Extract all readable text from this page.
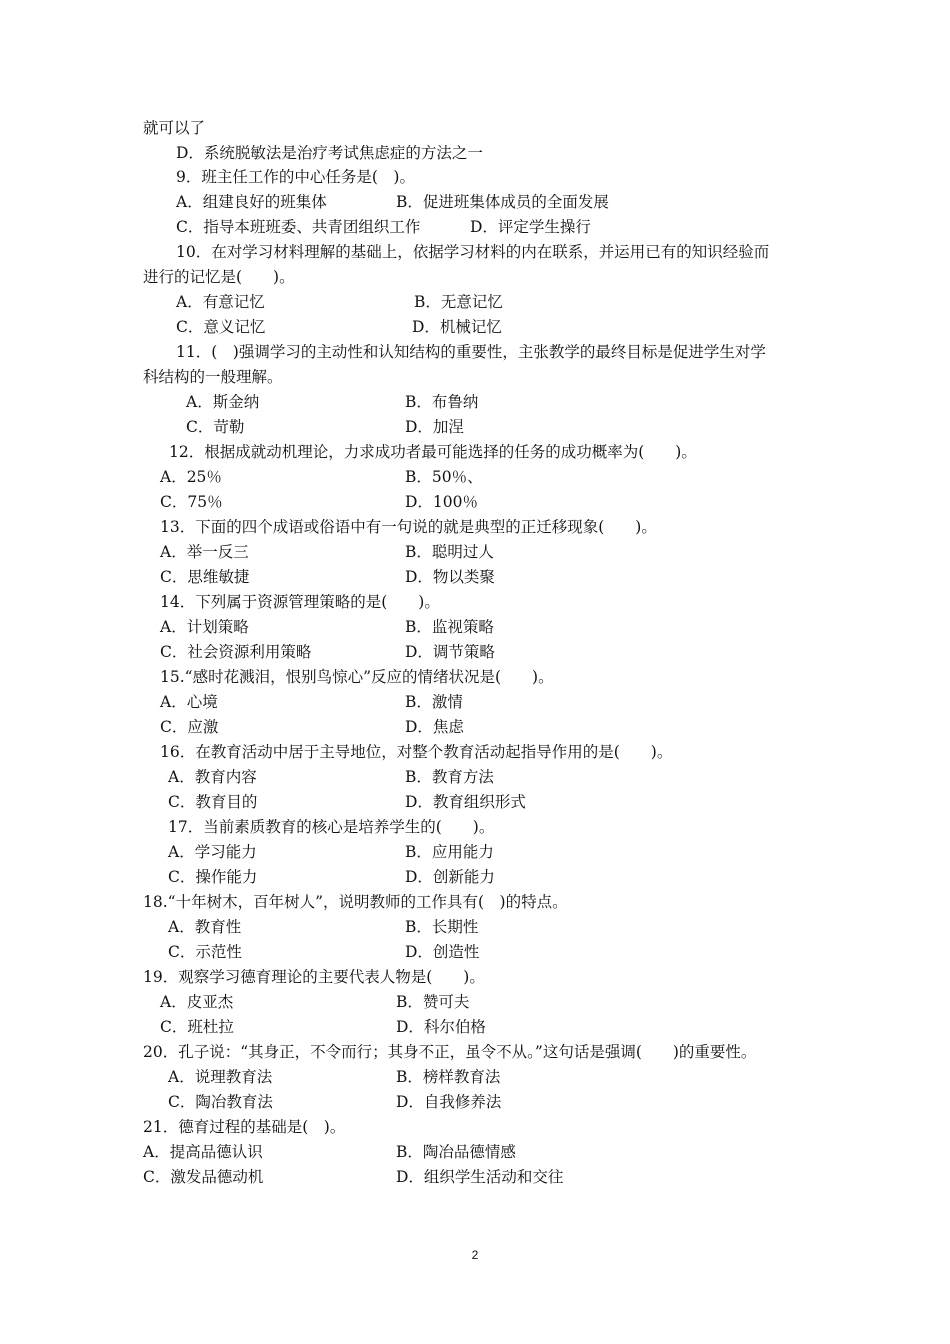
就可以了
D．系统脱敏法是治疗考试焦虑症的方法之一
9．班主任工作的中心任务是(　)。
A．组建良好的班集体	B．促进班集体成员的全面发展
C．指导本班班委、共青团组织工作	D．评定学生操行
10．在对学习材料理解的基础上，依据学习材料的内在联系，并运用已有的知识经验而
进行的记忆是(　　)。
A．有意记忆	B．无意记忆
C．意义记忆	D．机械记忆
11．(　)强调学习的主动性和认知结构的重要性，主张教学的最终目标是促进学生对学
科结构的一般理解。
A．斯金纳	B．布鲁纳
C．苛勒	D．加涅
12．根据成就动机理论，力求成功者最可能选择的任务的成功概率为(　　)。
A．25％	B．50％、
C．75％	D．100％
13．下面的四个成语或俗语中有一句说的就是典型的正迁移现象(　　)。
A．举一反三	B．聪明过人
C．思维敏捷	D．物以类聚
14．下列属于资源管理策略的是(　　)。
A．计划策略	B．监视策略
C．社会资源利用策略	D．调节策略
15.“感时花溅泪，恨别鸟惊心”反应的情绪状况是(　　)。
A．心境	B．激情
C．应激	D．焦虑
16．在教育活动中居于主导地位，对整个教育活动起指导作用的是(　　)。
A．教育内容	B．教育方法
C．教育目的	D．教育组织形式
17．当前素质教育的核心是培养学生的(　　)。
A．学习能力	B．应用能力
C．操作能力	D．创新能力
18.“十年树木，百年树人”，说明教师的工作具有(　)的特点。
A．教育性	B．长期性
C．示范性	D．创造性
19．观察学习德育理论的主要代表人物是(　　)。
A．皮亚杰	B．赞可夫
C．班杜拉	D．科尔伯格
20．孔子说：“其身正，不令而行；其身不正，虽令不从。”这句话是强调(　　)的重要性。
A．说理教育法	B．榜样教育法
C．陶冶教育法	D．自我修养法
21．德育过程的基础是(　)。
A．提高品德认识	B．陶冶品德情感
C．激发品德动机	D．组织学生活动和交往
2
